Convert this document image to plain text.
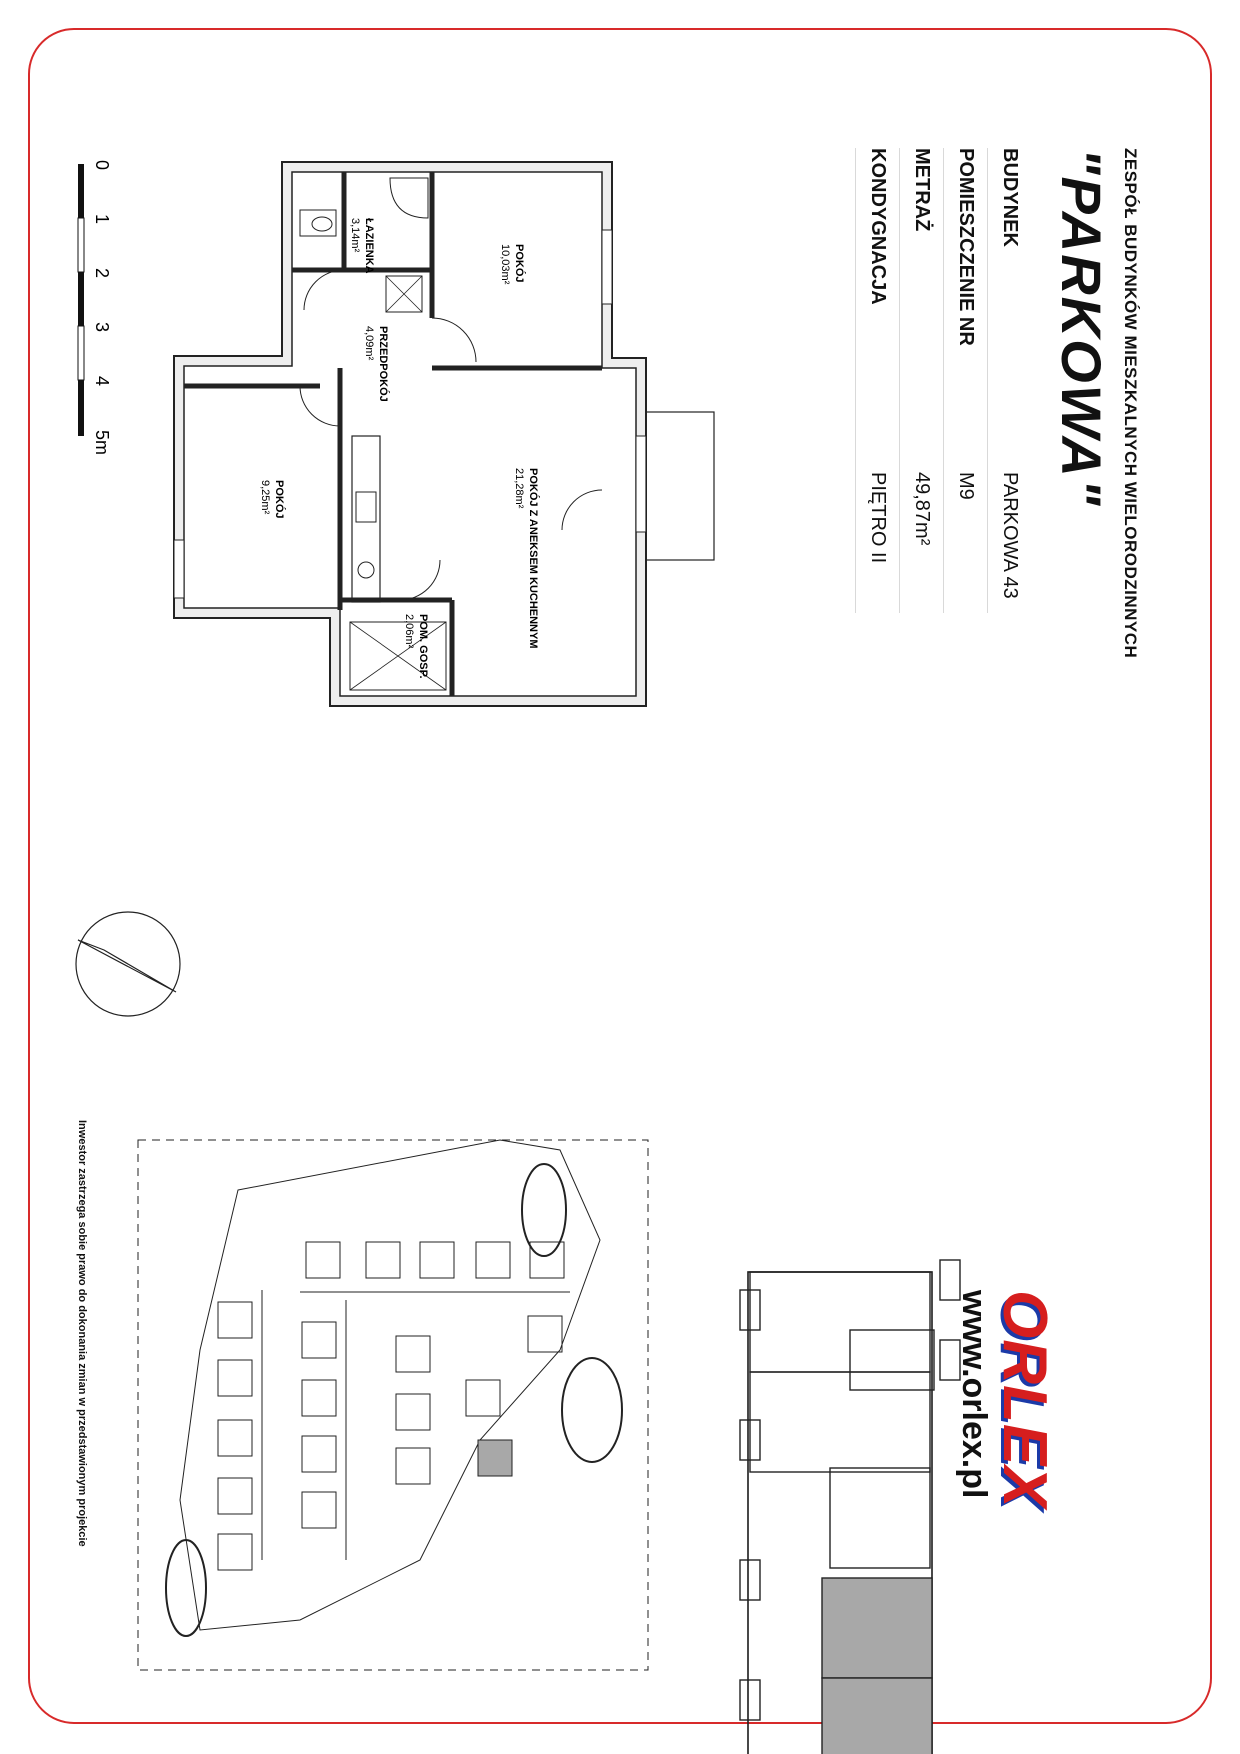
ZESPÓŁ BUDYNKÓW MIESZKALNYCH WIELORODZINNYCH
"PARKOWA"
BUDYNEK	PARKOWA 43
POMIESZCZENIE NR	M9
METRAŻ	49,87m²
KONDYGNACJA	PIĘTRO II
ORLEX
www.orlex.pl
Inwestor zastrzega sobie prawo do dokonania zmian w przedstawionym projekcie
ŁAZIENKA
3,14m²
POKÓJ
10,03m²
PRZEDPOKÓJ
4,09m²
POKÓJ Z ANEKSEM KUCHENNYM
21,28m²
POKÓJ
9,25m²
POM. GOSP.
2,06m²
0
1
2
3
4
5m
